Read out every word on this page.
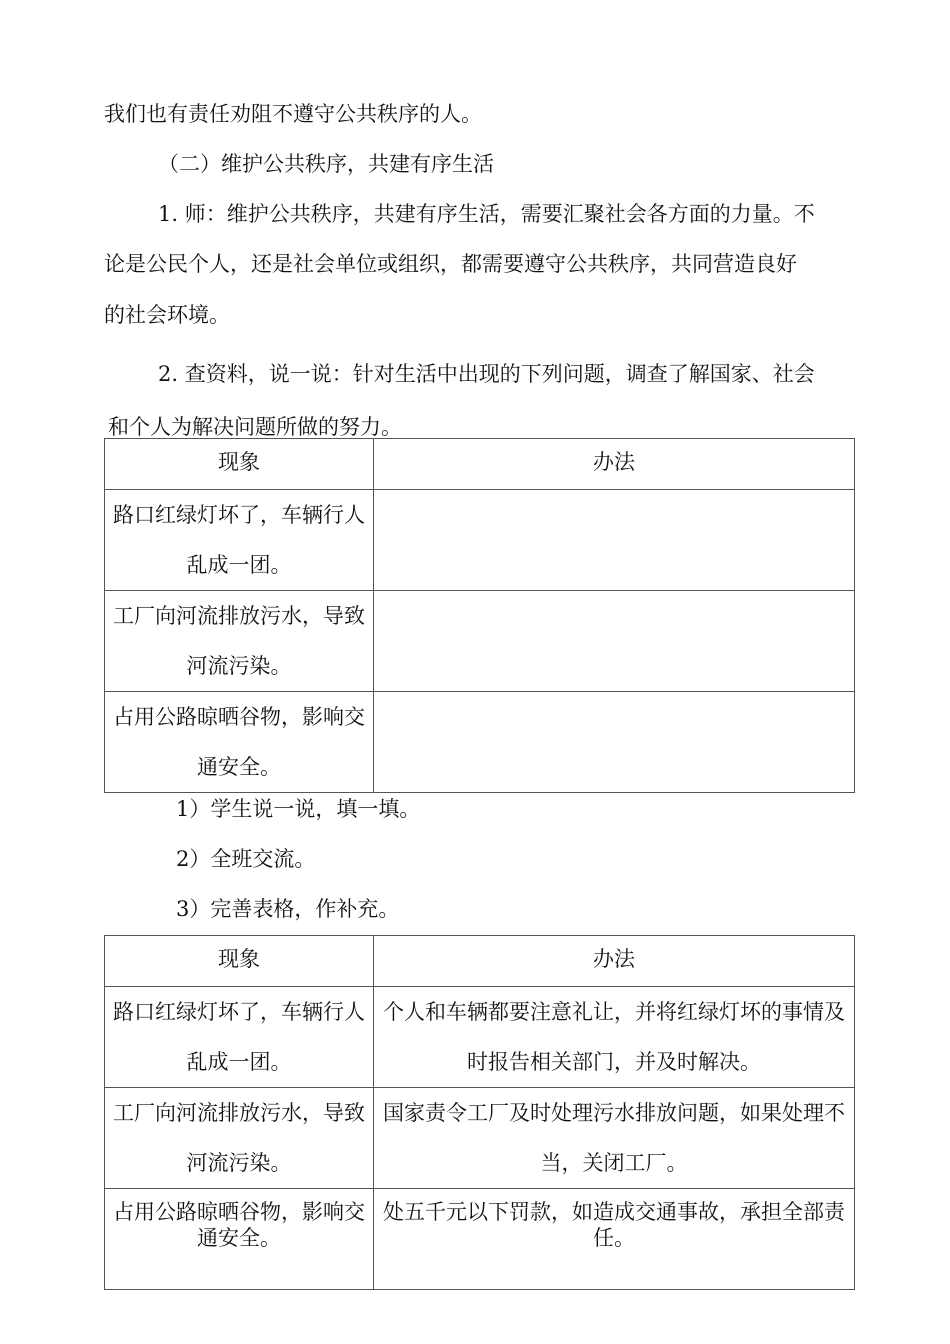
我们也有责任劝阻不遵守公共秩序的人。
（二）维护公共秩序，共建有序生活
1. 师：维护公共秩序，共建有序生活，需要汇聚社会各方面的力量。不
论是公民个人，还是社会单位或组织，都需要遵守公共秩序，共同营造良好
的社会环境。
2. 查资料，说一说：针对生活中出现的下列问题，调查了解国家、社会
和个人为解决问题所做的努力。
现象	办法

路口红绿灯坏了，车辆行人乱成一团。	

工厂向河流排放污水，导致河流污染。	

占用公路晾晒谷物，影响交通安全。	

1）学生说一说，填一填。
2）全班交流。
3）完善表格，作补充。
现象	办法

路口红绿灯坏了，车辆行人乱成一团。	个人和车辆都要注意礼让，并将红绿灯坏的事情及时报告相关部门，并及时解决。

工厂向河流排放污水，导致河流污染。	国家责令工厂及时处理污水排放问题，如果处理不当，关闭工厂。

占用公路晾晒谷物，影响交通安全。	处五千元以下罚款，如造成交通事故，承担全部责任。
